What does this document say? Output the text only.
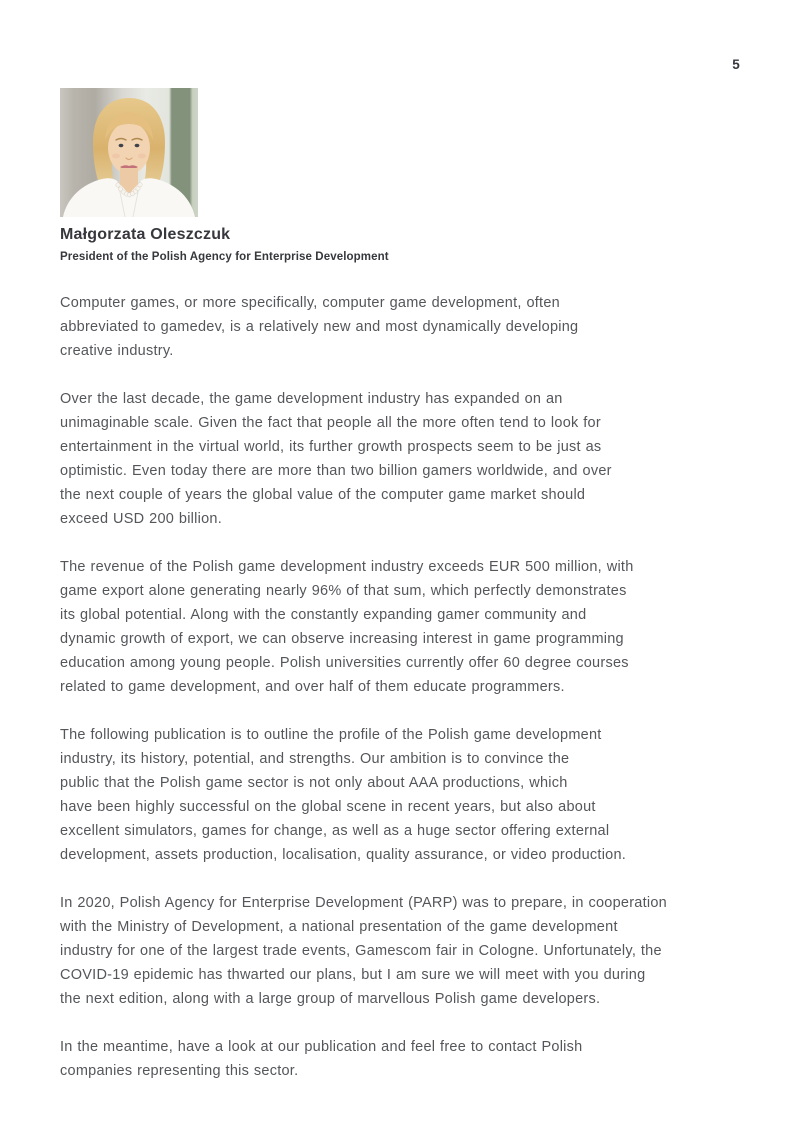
5
Małgorzata Oleszczuk
President of the Polish Agency for Enterprise Development

Computer games, or more specifically, computer game development, often
abbreviated to gamedev, is a relatively new and most dynamically developing
creative industry.

Over the last decade, the game development industry has expanded on an
unimaginable scale. Given the fact that people all the more often tend to look for
entertainment in the virtual world, its further growth prospects seem to be just as
optimistic. Even today there are more than two billion gamers worldwide, and over
the next couple of years the global value of the computer game market should
exceed USD 200 billion.

The revenue of the Polish game development industry exceeds EUR 500 million, with
game export alone generating nearly 96% of that sum, which perfectly demonstrates
its global potential. Along with the constantly expanding gamer community and
dynamic growth of export, we can observe increasing interest in game programming
education among young people. Polish universities currently offer 60 degree courses
related to game development, and over half of them educate programmers.

The following publication is to outline the profile of the Polish game development
industry, its history, potential, and strengths. Our ambition is to convince the
public that the Polish game sector is not only about AAA productions, which
have been highly successful on the global scene in recent years, but also about
excellent simulators, games for change, as well as a huge sector offering external
development, assets production, localisation, quality assurance, or video production.

In 2020, Polish Agency for Enterprise Development (PARP) was to prepare, in cooperation
with the Ministry of Development, a national presentation of the game development
industry for one of the largest trade events, Gamescom fair in Cologne. Unfortunately, the
COVID-19 epidemic has thwarted our plans, but I am sure we will meet with you during
the next edition, along with a large group of marvellous Polish game developers.

In the meantime, have a look at our publication and feel free to contact Polish
companies representing this sector.
